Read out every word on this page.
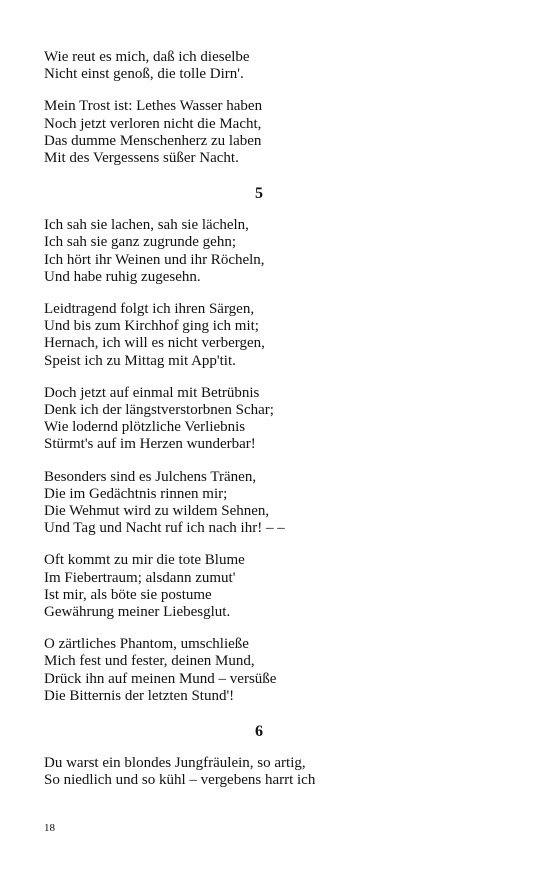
Wie reut es mich, daß ich dieselbe
Nicht einst genoß, die tolle Dirn'.
Mein Trost ist: Lethes Wasser haben
Noch jetzt verloren nicht die Macht,
Das dumme Menschenherz zu laben
Mit des Vergessens süßer Nacht.
5
Ich sah sie lachen, sah sie lächeln,
Ich sah sie ganz zugrunde gehn;
Ich hört ihr Weinen und ihr Röcheln,
Und habe ruhig zugesehn.
Leidtragend folgt ich ihren Särgen,
Und bis zum Kirchhof ging ich mit;
Hernach, ich will es nicht verbergen,
Speist ich zu Mittag mit App'tit.
Doch jetzt auf einmal mit Betrübnis
Denk ich der längstverstorbnen Schar;
Wie lodernd plötzliche Verliebnis
Stürmt's auf im Herzen wunderbar!
Besonders sind es Julchens Tränen,
Die im Gedächtnis rinnen mir;
Die Wehmut wird zu wildem Sehnen,
Und Tag und Nacht ruf ich nach ihr! – –
Oft kommt zu mir die tote Blume
Im Fiebertraum; alsdann zumut'
Ist mir, als böte sie postume
Gewährung meiner Liebesglut.
O zärtliches Phantom, umschließe
Mich fest und fester, deinen Mund,
Drück ihn auf meinen Mund – versüße
Die Bitternis der letzten Stund'!
6
Du warst ein blondes Jungfräulein, so artig,
So niedlich und so kühl – vergebens harrt ich
18
